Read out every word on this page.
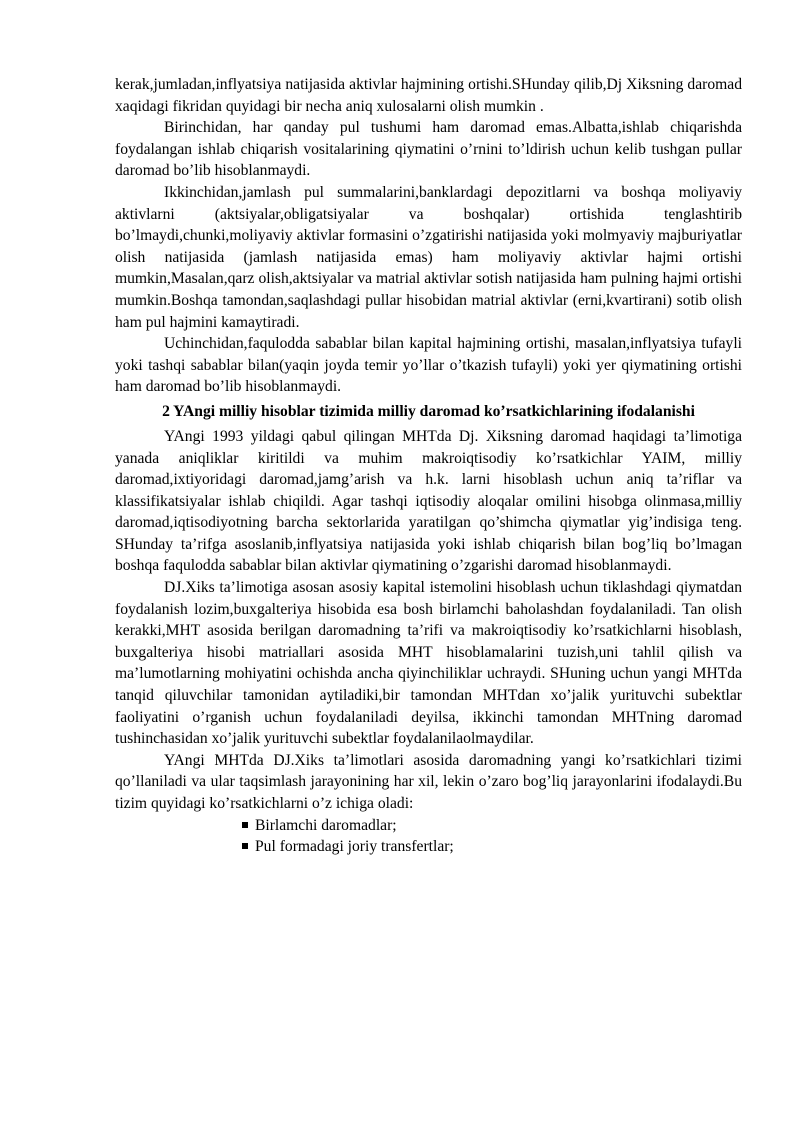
kerak,jumladan,inflyatsiya natijasida aktivlar hajmining ortishi.SHunday qilib,Dj Xiksning daromad xaqidagi fikridan quyidagi bir necha aniq xulosalarni olish mumkin .

Birinchidan, har qanday pul tushumi ham daromad emas.Albatta,ishlab chiqarishda foydalangan ishlab chiqarish vositalarining qiymatini o’rnini to’ldirish uchun kelib tushgan pullar daromad bo’lib hisoblanmaydi.

Ikkinchidan,jamlash pul summalarini,banklardagi depozitlarni va boshqa moliyaviy aktivlarni (aktsiyalar,obligatsiyalar va boshqalar) ortishida tenglashtirib bo’lmaydi,chunki,moliyaviy aktivlar formasini o’zgatirishi natijasida yoki molmyaviy majburiyatlar olish natijasida (jamlash natijasida emas) ham moliyaviy aktivlar hajmi ortishi mumkin,Masalan,qarz olish,aktsiyalar va matrial aktivlar sotish natijasida ham pulning hajmi ortishi mumkin.Boshqa tamondan,saqlashdagi pullar hisobidan matrial aktivlar (erni,kvartirani) sotib olish ham pul hajmini kamaytiradi.

Uchinchidan,faqulodda sabablar bilan kapital hajmining ortishi, masalan,inflyatsiya tufayli yoki tashqi sabablar bilan(yaqin joyda temir yo’llar o’tkazish tufayli) yoki yer qiymatining ortishi ham daromad bo’lib hisoblanmaydi.

2 YAngi milliy hisoblar tizimida milliy daromad ko’rsatkichlarining ifodalanishi

YAngi 1993 yildagi qabul qilingan MHTda Dj. Xiksning daromad haqidagi ta’limotiga yanada aniqliklar kiritildi va muhim makroiqtisodiy ko’rsatkichlar YAIM, milliy daromad,ixtiyoridagi daromad,jamg’arish va h.k. larni hisoblash uchun aniq ta’riflar va klassifikatsiyalar ishlab chiqildi. Agar tashqi iqtisodiy aloqalar omilini hisobga olinmasa,milliy daromad,iqtisodiyotning barcha sektorlarida yaratilgan qo’shimcha qiymatlar yig’indisiga teng. SHunday ta’rifga asoslanib,inflyatsiya natijasida yoki ishlab chiqarish bilan bog’liq bo’lmagan boshqa faqulodda sabablar bilan aktivlar qiymatining o’zgarishi daromad hisoblanmaydi.

DJ.Xiks ta’limotiga asosan asosiy kapital istemolini hisoblash uchun tiklashdagi qiymatdan foydalanish lozim,buxgalteriya hisobida esa bosh birlamchi baholashdan foydalaniladi. Tan olish kerakki,MHT asosida berilgan daromadning ta’rifi va makroiqtisodiy ko’rsatkichlarni hisoblash, buxgalteriya hisobi matriallari asosida MHT hisoblamalarini tuzish,uni tahlil qilish va ma’lumotlarning mohiyatini ochishda ancha qiyinchiliklar uchraydi. SHuning uchun yangi MHTda tanqid qiluvchilar tamonidan aytiladiki,bir tamondan MHTdan xo’jalik yurituvchi subektlar faoliyatini o’rganish uchun foydalaniladi deyilsa, ikkinchi tamondan MHTning daromad tushinchasidan xo’jalik yurituvchi subektlar foydalanilaolmaydilar.

YAngi MHTda DJ.Xiks ta’limotlari asosida daromadning yangi ko’rsatkichlari tizimi qo’llaniladi va ular taqsimlash jarayonining har xil, lekin o’zaro bog’liq jarayonlarini ifodalaydi.Bu tizim quyidagi ko’rsatkichlarni o’z ichiga oladi:

Birlamchi daromadlar;
Pul formadagi joriy transfertlar;
